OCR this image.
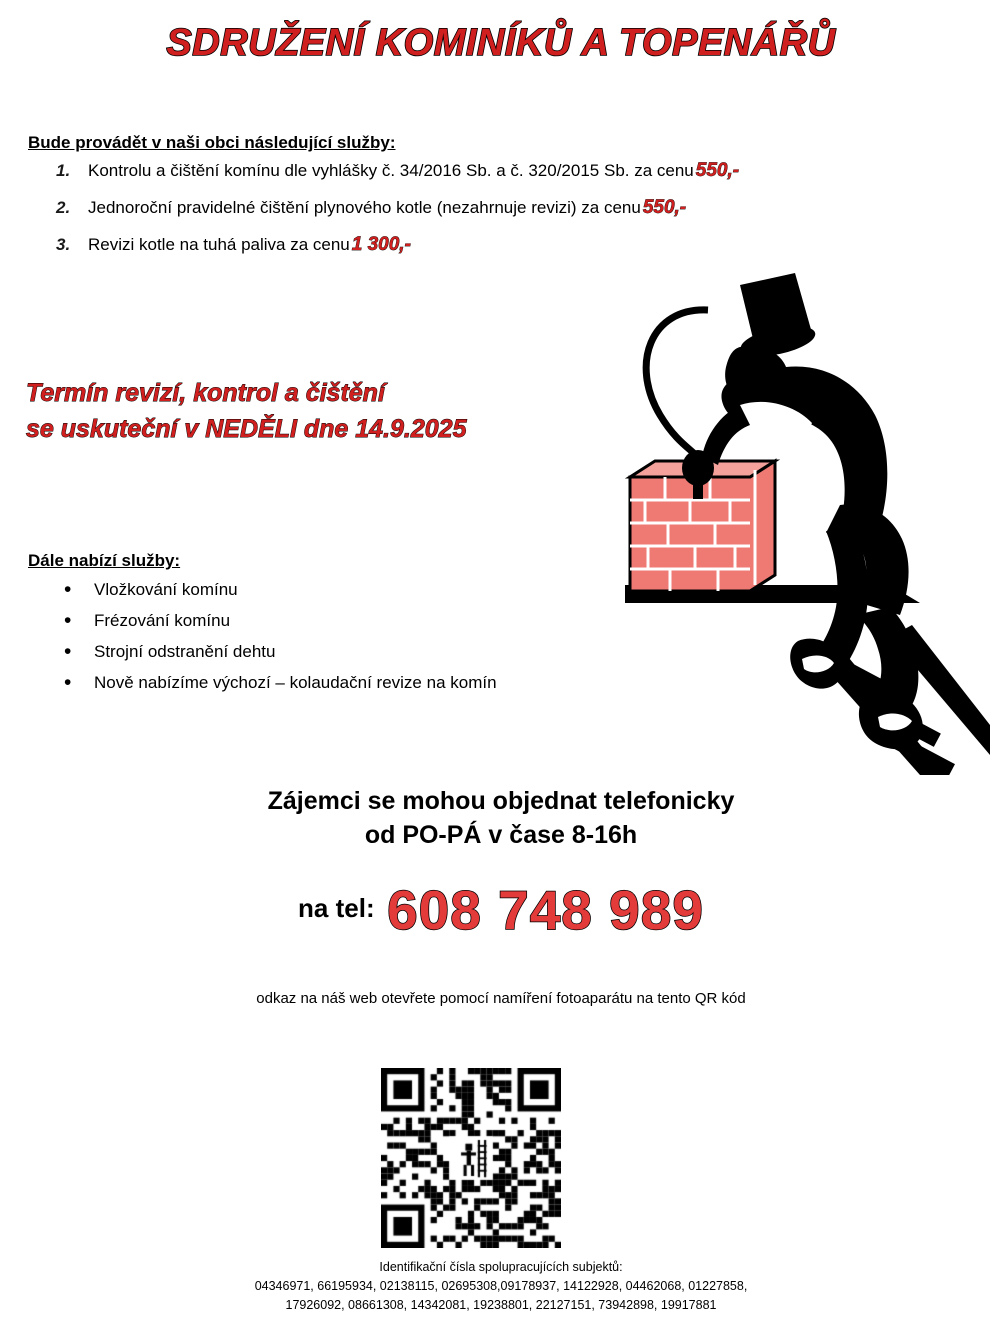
SDRUŽENÍ KOMINÍKŮ A TOPENÁŘŮ
Bude provádět v naši obci následující služby:
1.	Kontrolu a čištění komínu dle vyhlášky č. 34/2016 Sb. a č. 320/2015 Sb. za cenu 550,-
2.	Jednoroční pravidelné čištění plynového kotle (nezahrnuje revizi) za cenu 550,-
3.	Revizi kotle na tuhá paliva za cenu 1 300,-
Termín revizí, kontrol a čištění
se uskuteční v NEDĚLI dne 14.9.2025
Dále nabízí služby:
• Vložkování komínu
• Frézování komínu
• Strojní odstranění dehtu
• Nově nabízíme výchozí – kolaudační revize na komín
Zájemci se mohou objednat telefonicky
od PO-PÁ v čase 8-16h
na tel: 608 748 989
odkaz na náš web otevřete pomocí namíření fotoaparátu na tento QR kód
Identifikační čísla spolupracujících subjektů:
04346971, 66195934, 02138115, 02695308,09178937, 14122928, 04462068, 01227858,
17926092, 08661308, 14342081, 19238801, 22127151, 73942898, 19917881
